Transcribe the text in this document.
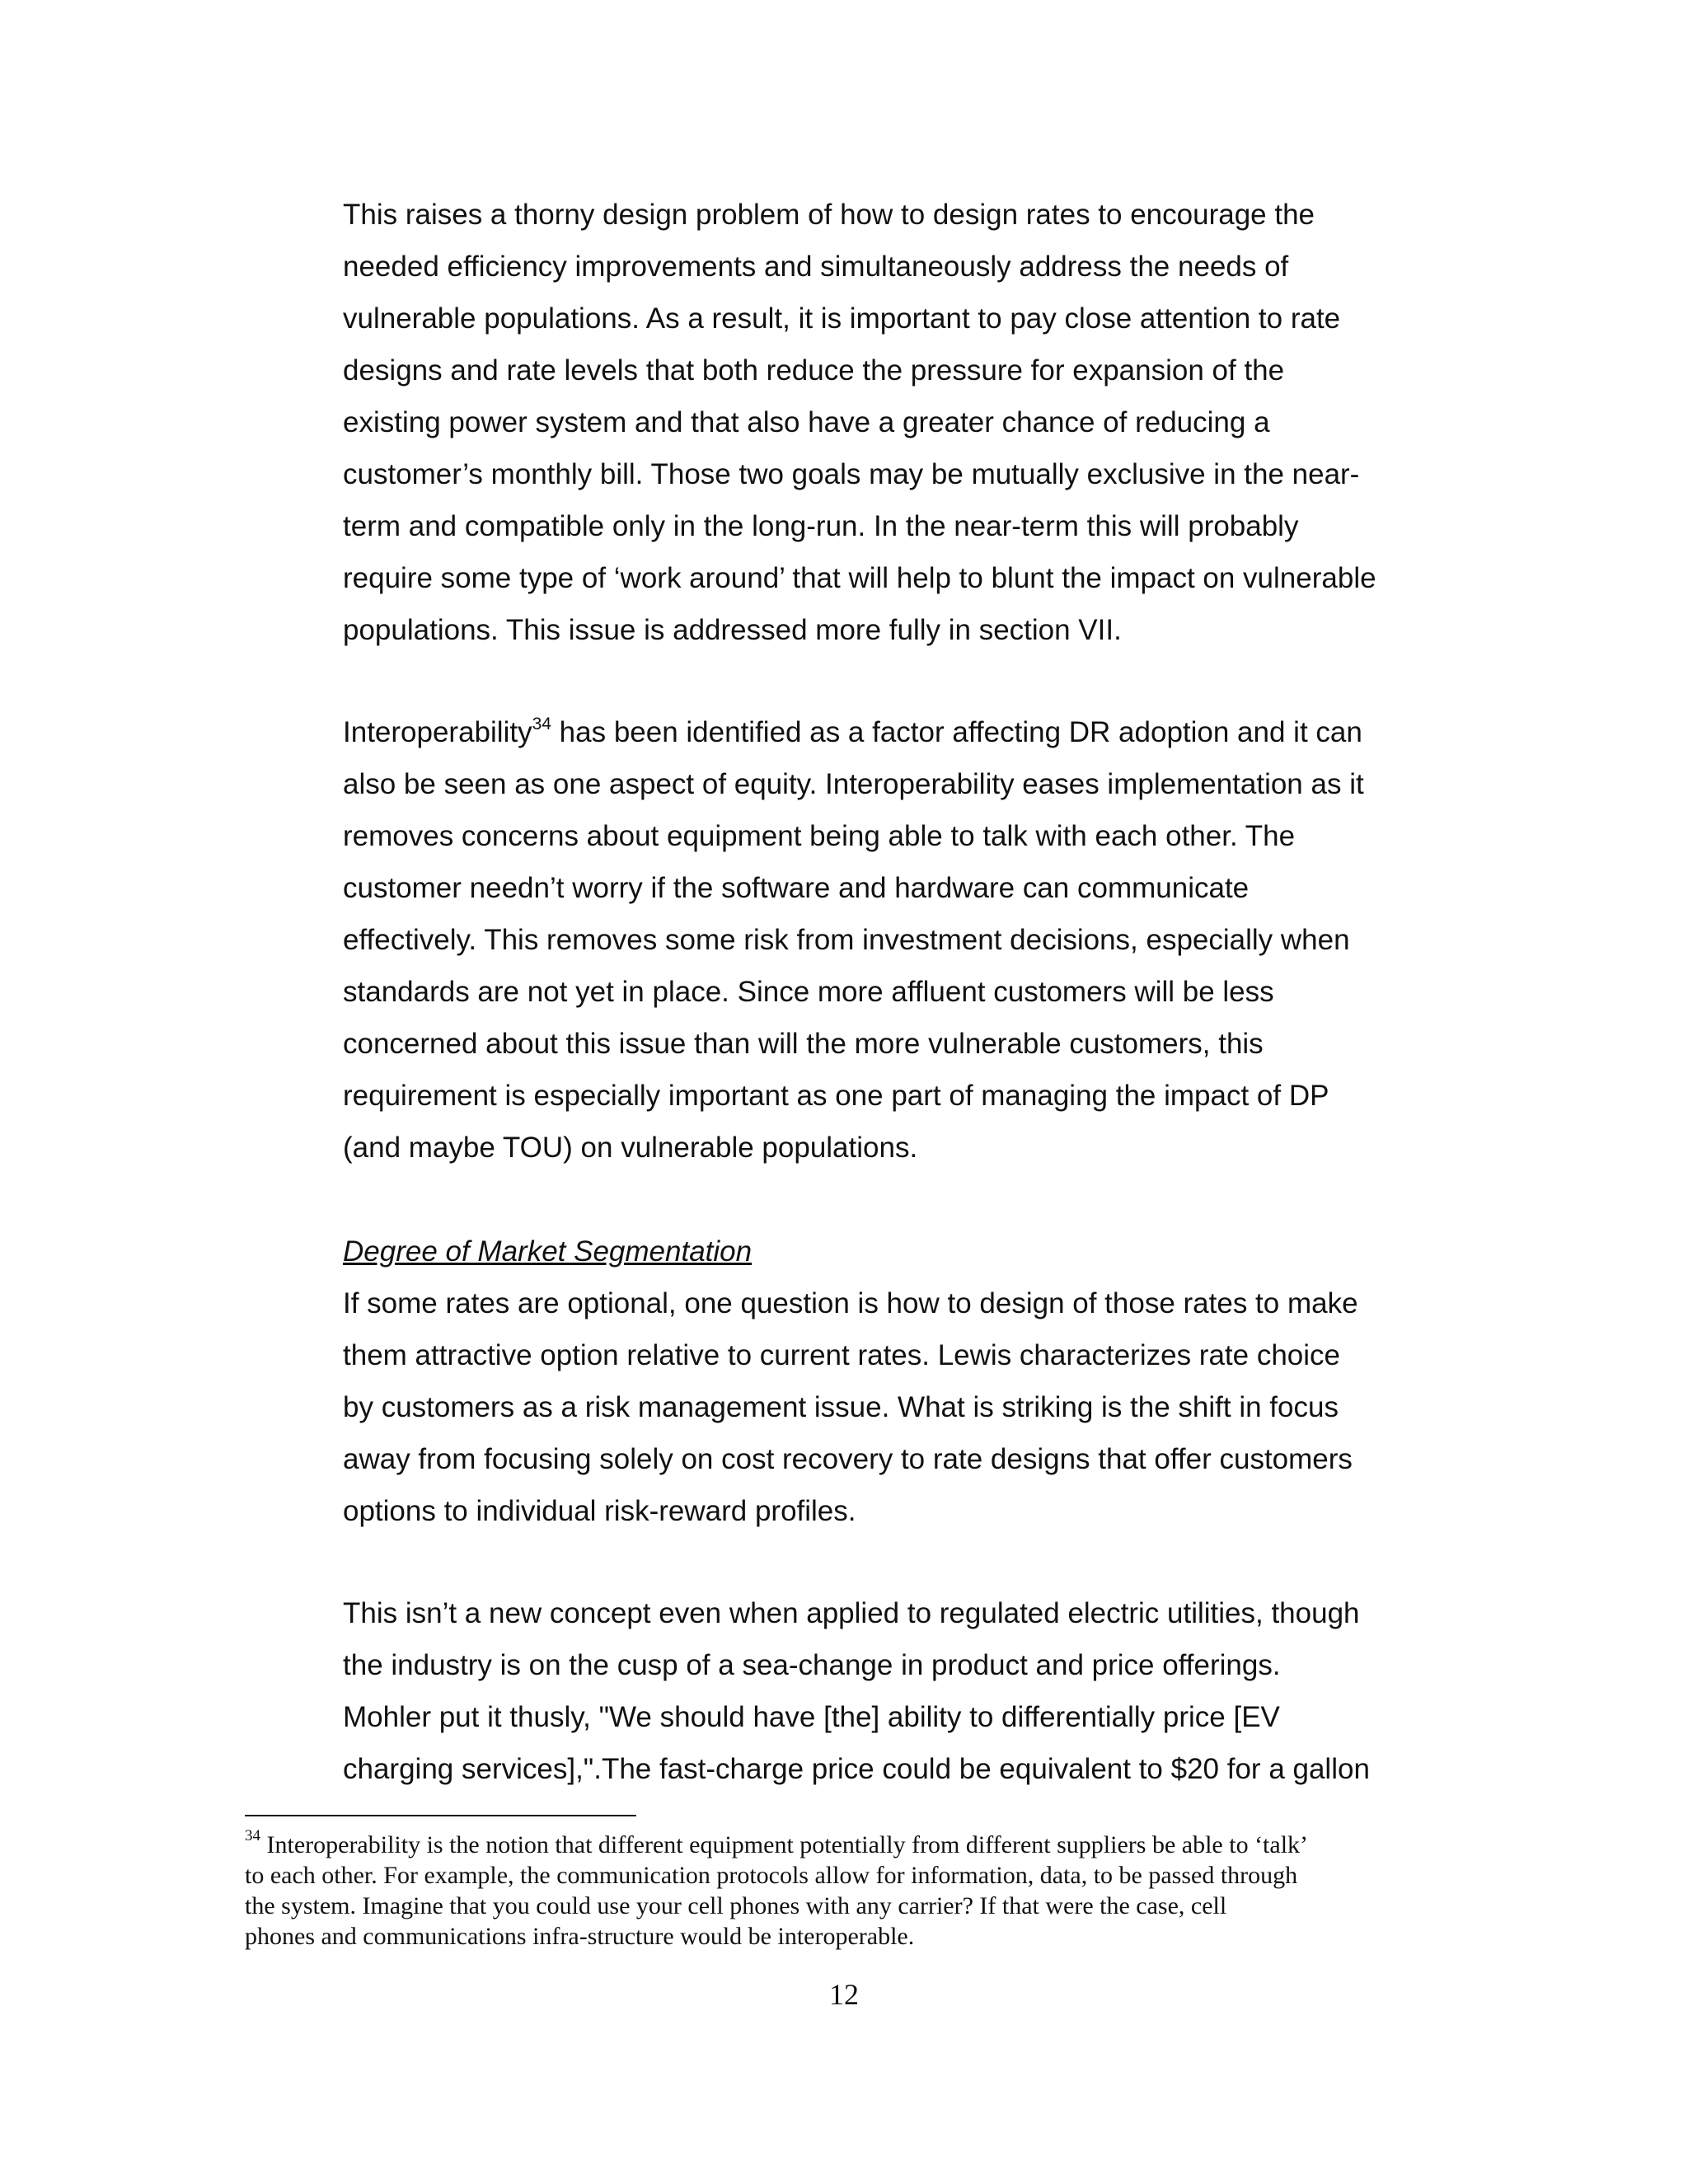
This raises a thorny design problem of how to design rates to encourage the
needed efficiency improvements and simultaneously address the needs of
vulnerable populations. As a result, it is important to pay close attention to rate
designs and rate levels that both reduce the pressure for expansion of the
existing power system and that also have a greater chance of reducing a
customer’s monthly bill. Those two goals may be mutually exclusive in the near-
term and compatible only in the long-run. In the near-term this will probably
require some type of ‘work around’ that will help to blunt the impact on vulnerable
populations. This issue is addressed more fully in section VII.
Interoperability$^{34}$ has been identified as a factor affecting DR adoption and it can
also be seen as one aspect of equity. Interoperability eases implementation as it
removes concerns about equipment being able to talk with each other. The
customer needn’t worry if the software and hardware can communicate
effectively. This removes some risk from investment decisions, especially when
standards are not yet in place. Since more affluent customers will be less
concerned about this issue than will the more vulnerable customers, this
requirement is especially important as one part of managing the impact of DP
(and maybe TOU) on vulnerable populations.
Degree of Market Segmentation
If some rates are optional, one question is how to design of those rates to make
them attractive option relative to current rates. Lewis characterizes rate choice
by customers as a risk management issue. What is striking is the shift in focus
away from focusing solely on cost recovery to rate designs that offer customers
options to individual risk-reward profiles.
This isn’t a new concept even when applied to regulated electric utilities, though
the industry is on the cusp of a sea-change in product and price offerings.
Mohler put it thusly, "We should have [the] ability to differentially price [EV
charging services],".The fast-charge price could be equivalent to $20 for a gallon
$^{34}$ Interoperability is the notion that different equipment potentially from different suppliers be able to ‘talk’
to each other. For example, the communication protocols allow for information, data, to be passed through
the system. Imagine that you could use your cell phones with any carrier? If that were the case, cell
phones and communications infra-structure would be interoperable.
12
